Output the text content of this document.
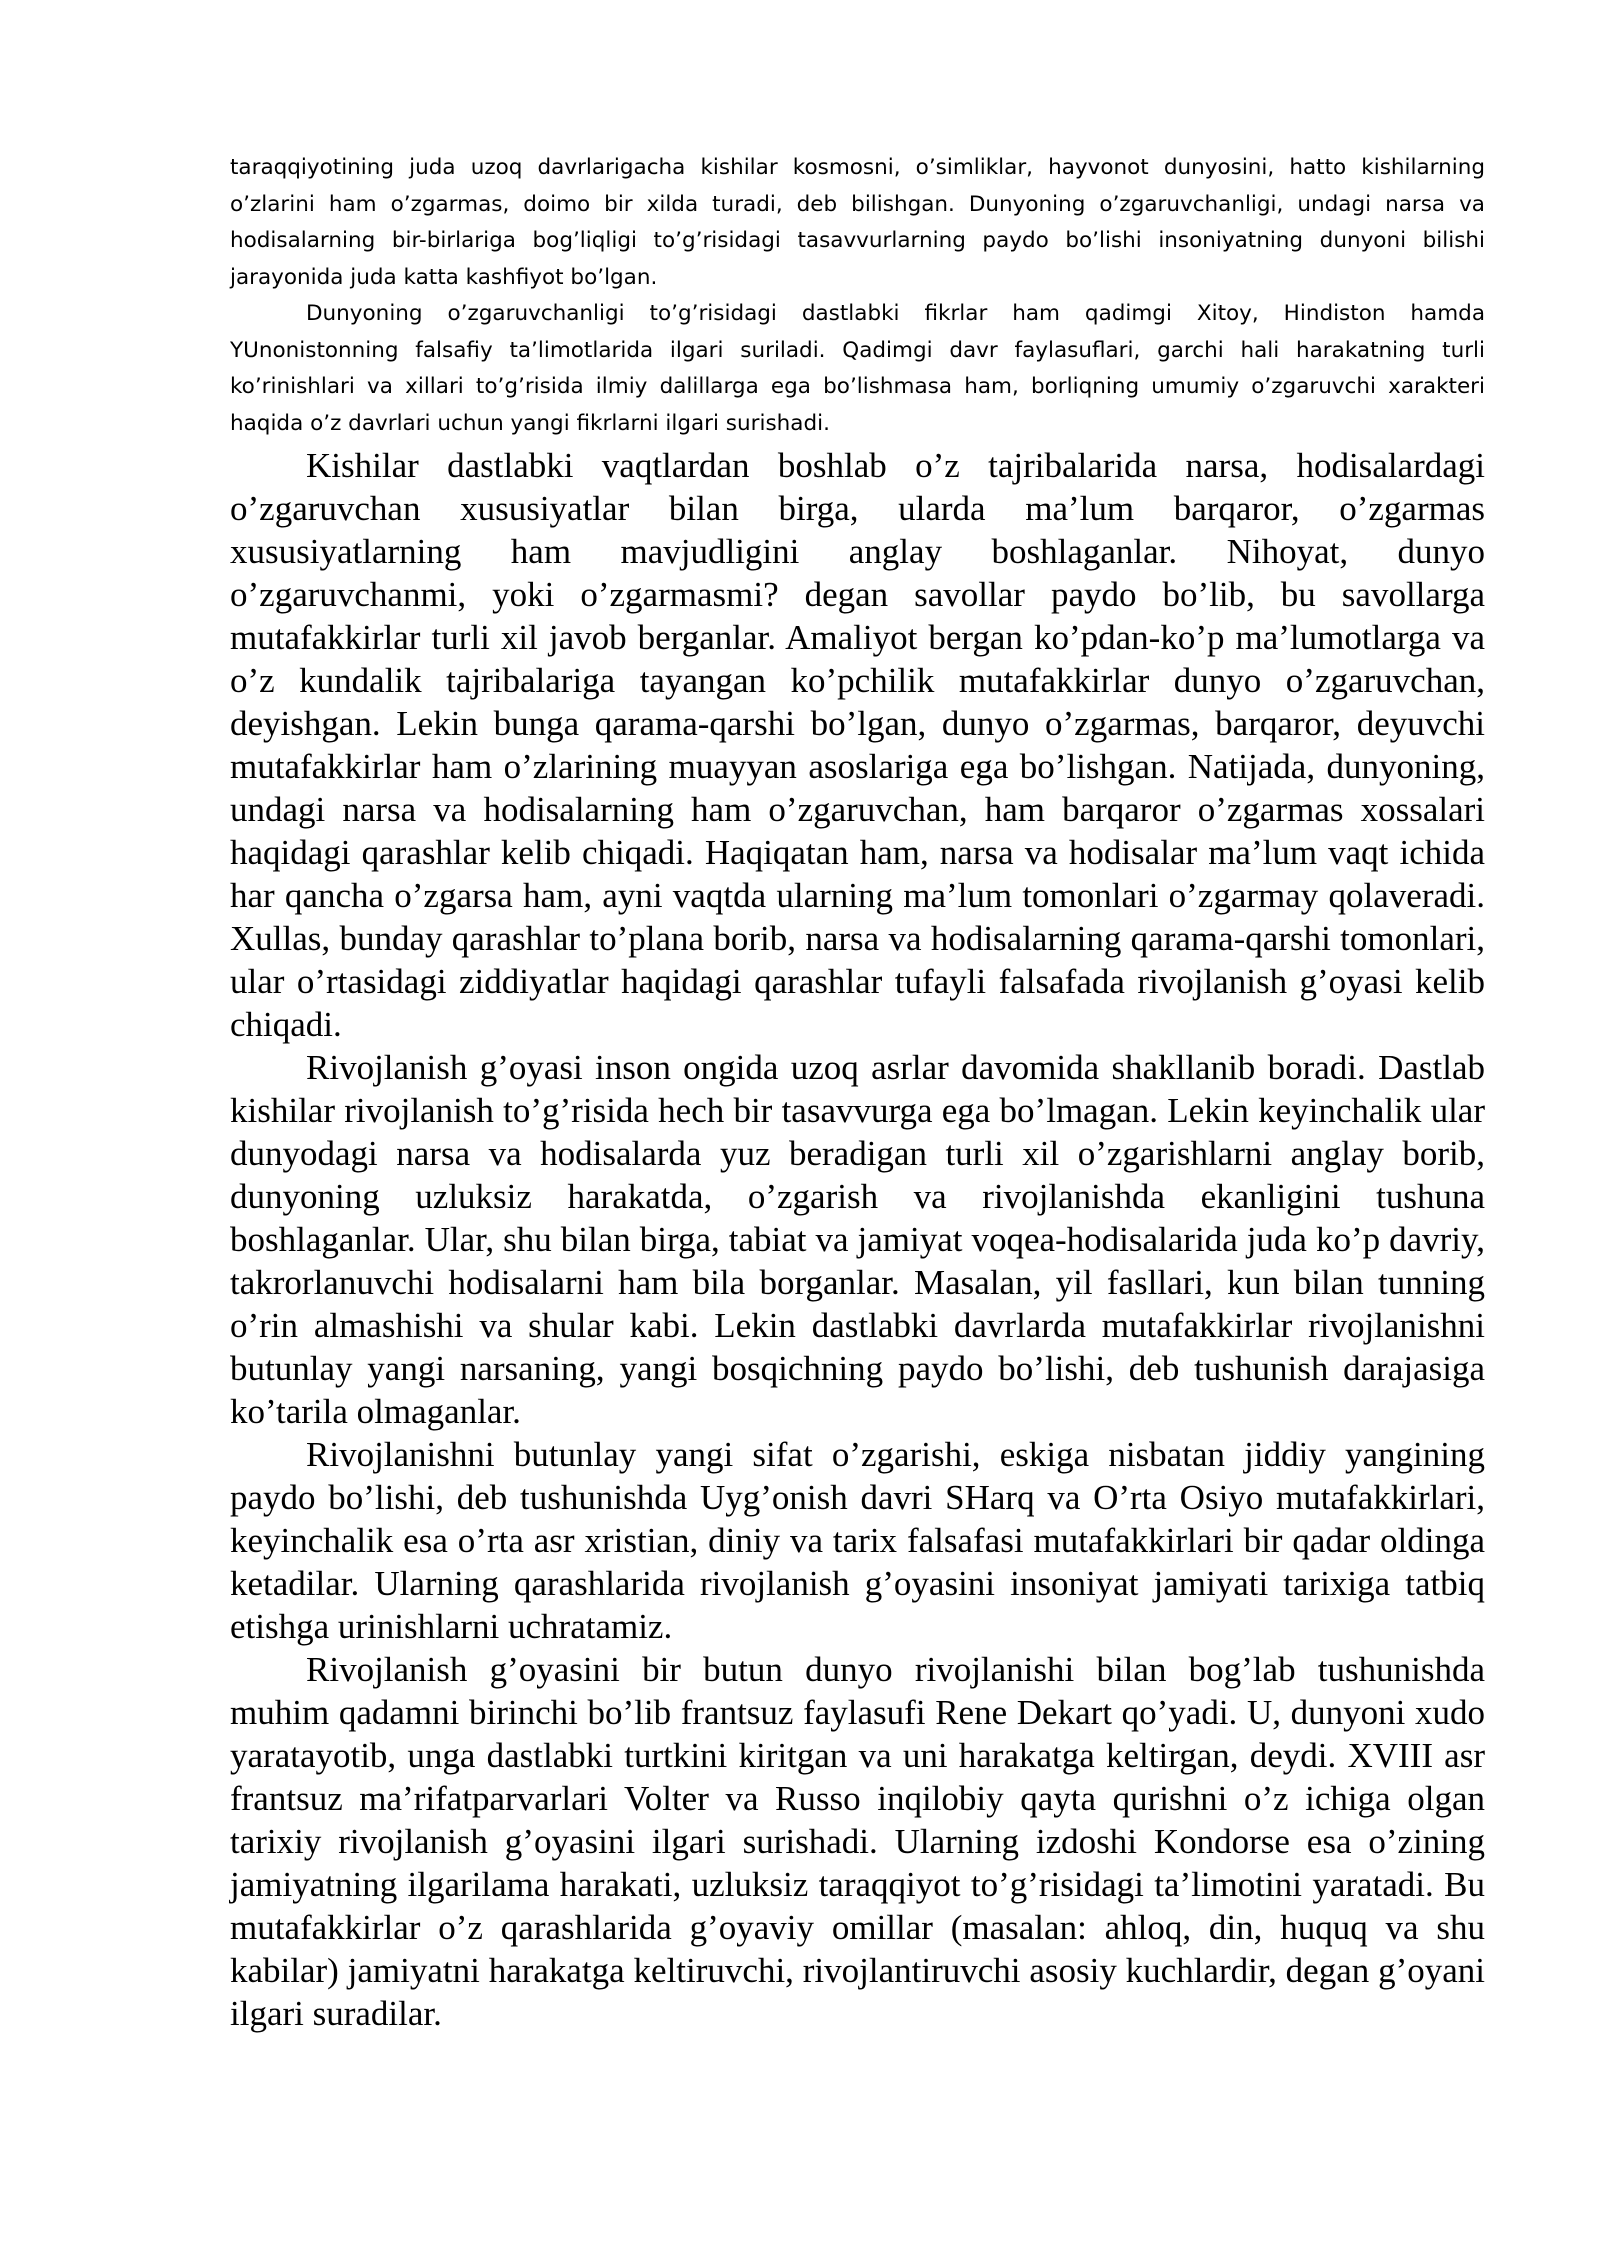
taraqqiyotining juda uzoq davrlarigacha kishilar kosmosni, o’simliklar, hayvonot dunyosini, hatto kishilarning o’zlarini ham o’zgarmas, doimo bir xilda turadi, deb bilishgan. Dunyoning o’zgaruvchanligi, undagi narsa va hodisalarning bir-birlariga bog’liqligi to’g’risidagi tasavvurlarning paydo bo’lishi insoniyatning dunyoni bilishi jarayonida juda katta kashfiyot bo’lgan.

Dunyoning o’zgaruvchanligi to’g’risidagi dastlabki fikrlar ham qadimgi Xitoy, Hindiston hamda YUnonistonning falsafiy ta’limotlarida ilgari suriladi. Qadimgi davr faylasuflari, garchi hali harakatning turli ko’rinishlari va xillari to’g’risida ilmiy dalillarga ega bo’lishmasa ham, borliqning umumiy o’zgaruvchi xarakteri haqida o’z davrlari uchun yangi fikrlarni ilgari surishadi.

Kishilar dastlabki vaqtlardan boshlab o’z tajribalarida narsa, hodisalardagi o’zgaruvchan xususiyatlar bilan birga, ularda ma’lum barqaror, o’zgarmas xususiyatlarning ham mavjudligini anglay boshlaganlar. Nihoyat, dunyo o’zgaruvchanmi, yoki o’zgarmasmi? degan savollar paydo bo’lib, bu savollarga mutafakkirlar turli xil javob berganlar. Amaliyot bergan ko’pdan-ko’p ma’lumotlarga va o’z kundalik tajribalariga tayangan ko’pchilik mutafakkirlar dunyo o’zgaruvchan, deyishgan. Lekin bunga qarama-qarshi bo’lgan, dunyo o’zgarmas, barqaror, deyuvchi mutafakkirlar ham o’zlarining muayyan asoslariga ega bo’lishgan. Natijada, dunyoning, undagi narsa va hodisalarning ham o’zgaruvchan, ham barqaror o’zgarmas xossalari haqidagi qarashlar kelib chiqadi. Haqiqatan ham, narsa va hodisalar ma’lum vaqt ichida har qancha o’zgarsa ham, ayni vaqtda ularning ma’lum tomonlari o’zgarmay qolaveradi. Xullas, bunday qarashlar to’plana borib, narsa va hodisalarning qarama-qarshi tomonlari, ular o’rtasidagi ziddiyatlar haqidagi qarashlar tufayli falsafada rivojlanish g’oyasi kelib chiqadi.

Rivojlanish g’oyasi inson ongida uzoq asrlar davomida shakllanib boradi. Dastlab kishilar rivojlanish to’g’risida hech bir tasavvurga ega bo’lmagan. Lekin keyinchalik ular dunyodagi narsa va hodisalarda yuz beradigan turli xil o’zgarishlarni anglay borib, dunyoning uzluksiz harakatda, o’zgarish va rivojlanishda ekanligini tushuna boshlaganlar. Ular, shu bilan birga, tabiat va jamiyat voqea-hodisalarida juda ko’p davriy, takrorlanuvchi hodisalarni ham bila borganlar. Masalan, yil fasllari, kun bilan tunning o’rin almashishi va shular kabi. Lekin dastlabki davrlarda mutafakkirlar rivojlanishni butunlay yangi narsaning, yangi bosqichning paydo bo’lishi, deb tushunish darajasiga ko’tarila olmaganlar.

Rivojlanishni butunlay yangi sifat o’zgarishi, eskiga nisbatan jiddiy yangining paydo bo’lishi, deb tushunishda Uyg’onish davri SHarq va O’rta Osiyo mutafakkirlari, keyinchalik esa o’rta asr xristian, diniy va tarix falsafasi mutafakkirlari bir qadar oldinga ketadilar. Ularning qarashlarida rivojlanish g’oyasini insoniyat jamiyati tarixiga tatbiq etishga urinishlarni uchratamiz.

Rivojlanish g’oyasini bir butun dunyo rivojlanishi bilan bog’lab tushunishda muhim qadamni birinchi bo’lib frantsuz faylasufi Rene Dekart qo’yadi. U, dunyoni xudo yaratayotib, unga dastlabki turtkini kiritgan va uni harakatga keltirgan, deydi. XVIII asr frantsuz ma’rifatparvarlari Volter va Russo inqilobiy qayta qurishni o’z ichiga olgan tarixiy rivojlanish g’oyasini ilgari surishadi. Ularning izdoshi Kondorse esa o’zining jamiyatning ilgarilama harakati, uzluksiz taraqqiyot to’g’risidagi ta’limotini yaratadi. Bu mutafakkirlar o’z qarashlarida g’oyaviy omillar (masalan: ahloq, din, huquq va shu kabilar) jamiyatni harakatga keltiruvchi, rivojlantiruvchi asosiy kuchlardir, degan g’oyani ilgari suradilar.
